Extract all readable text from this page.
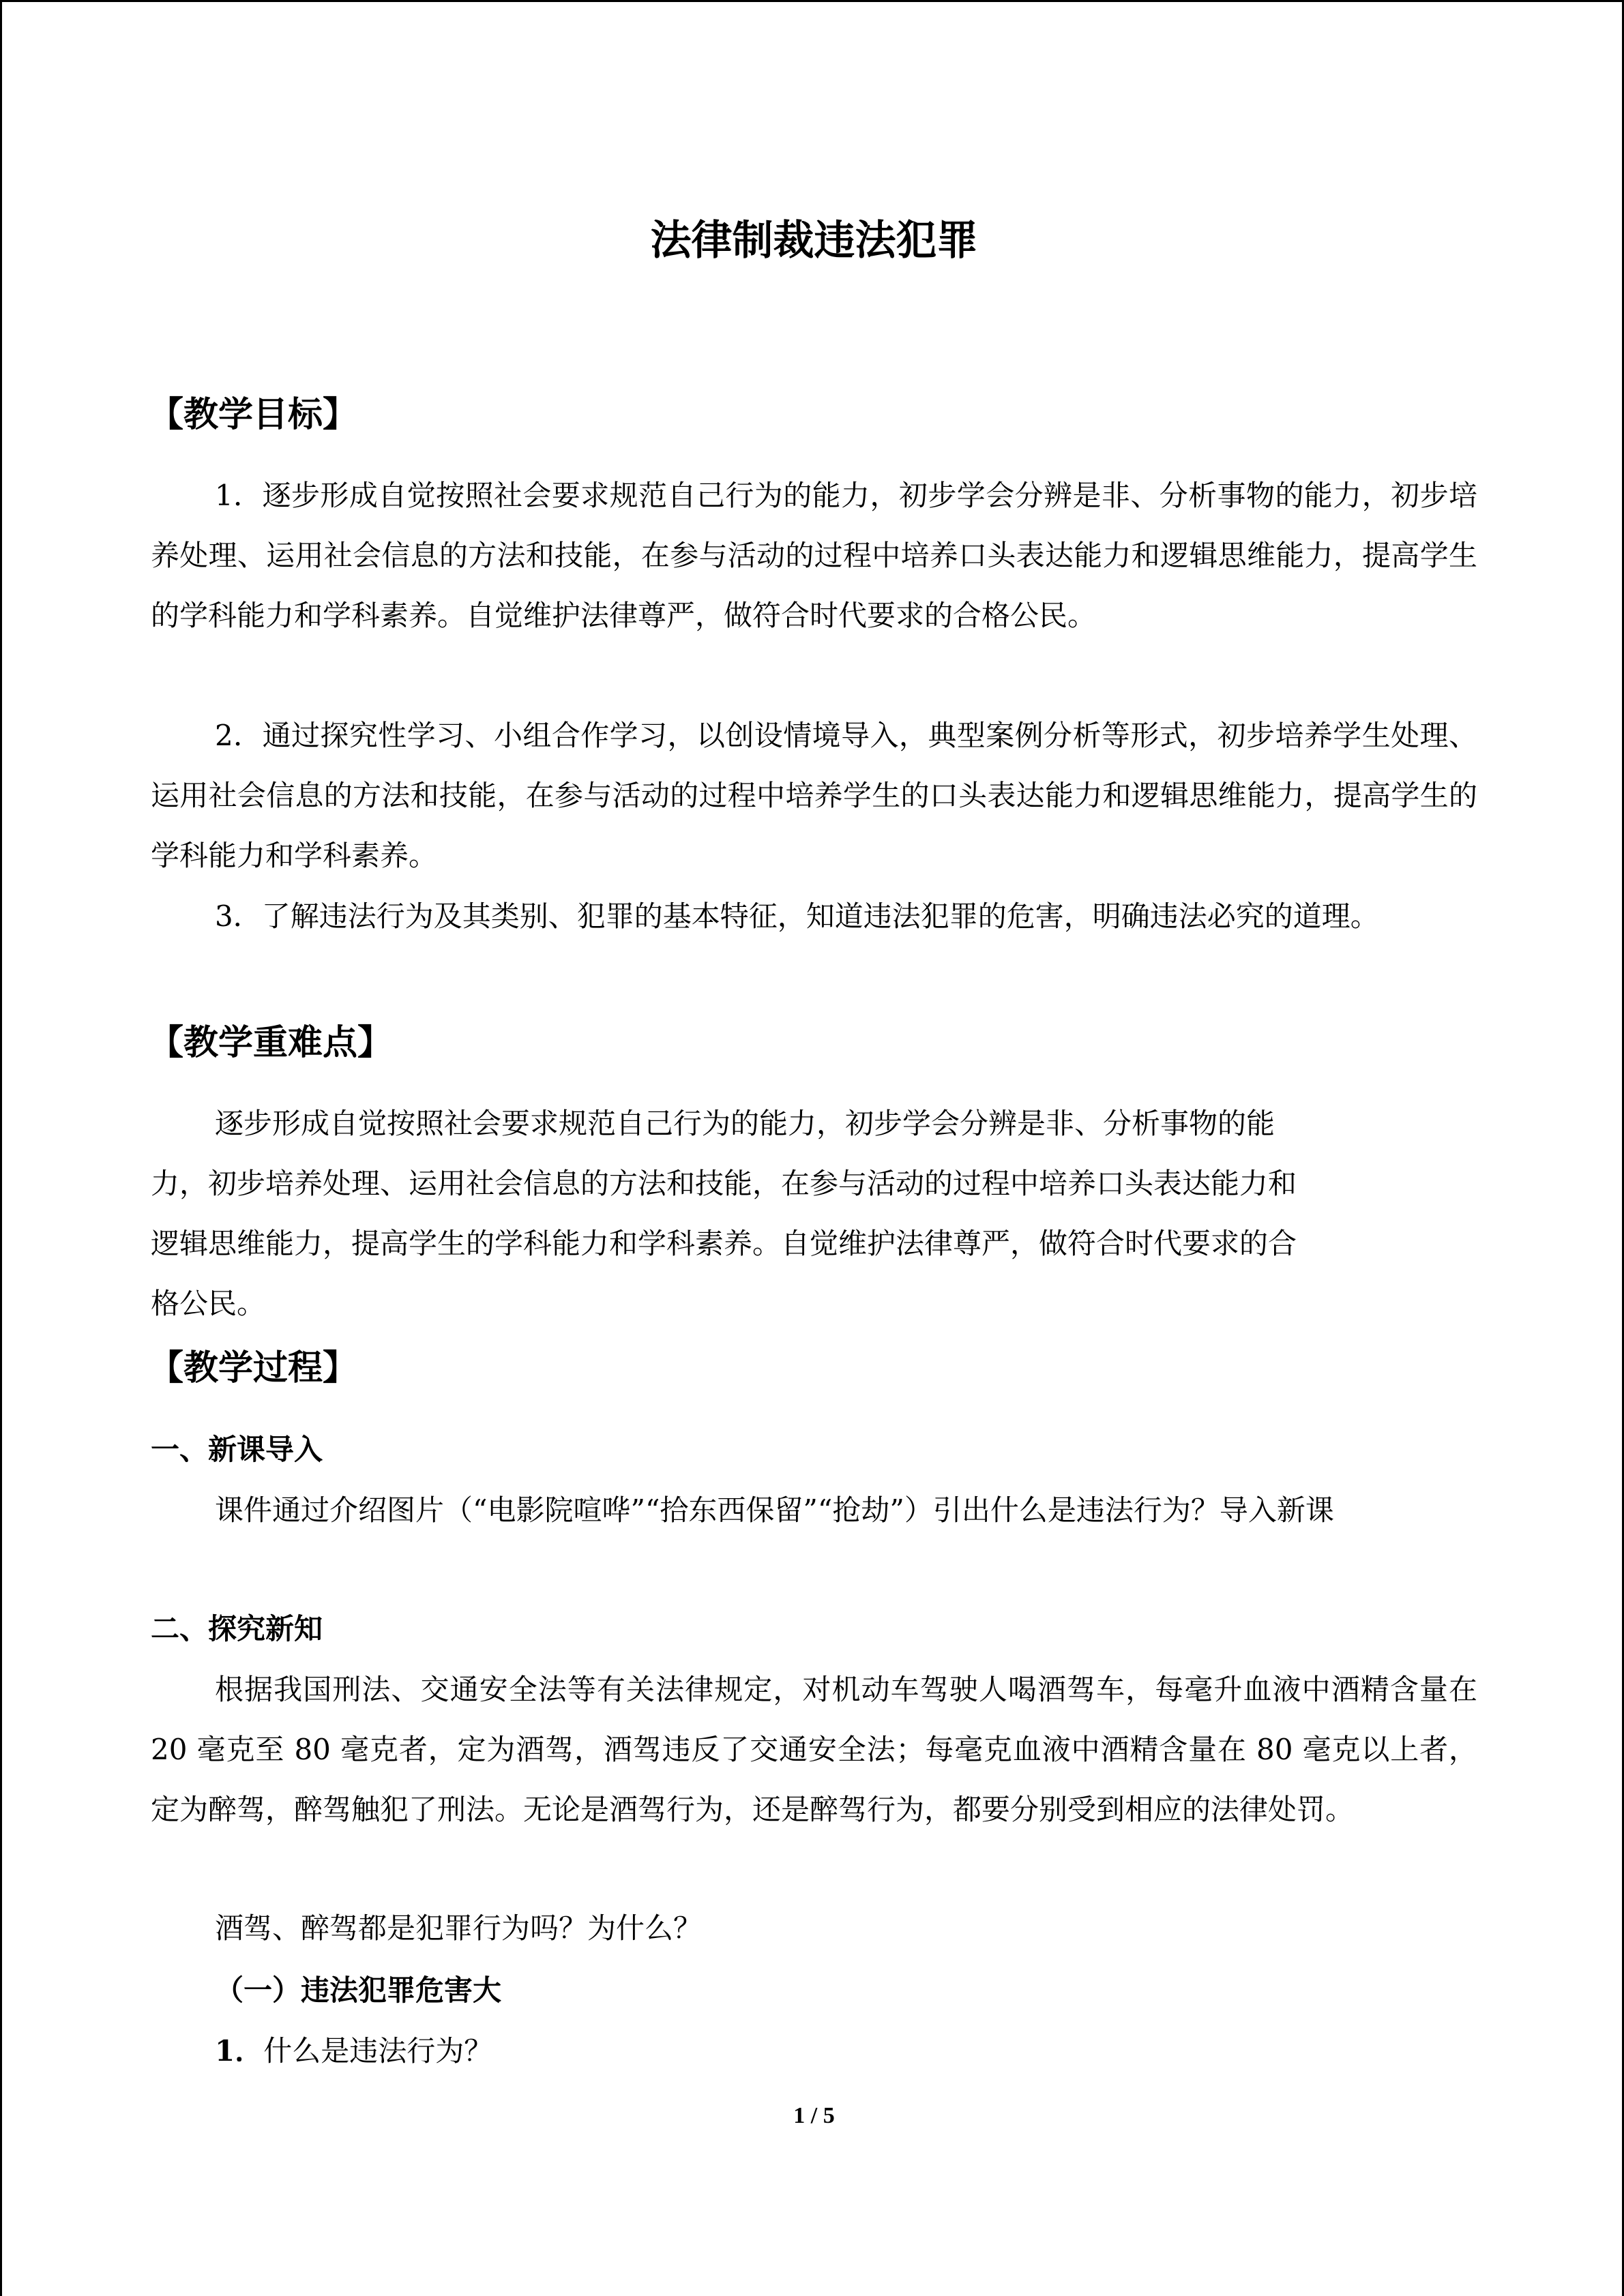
法律制裁违法犯罪
【教学目标】

1．逐步形成自觉按照社会要求规范自己行为的能力，初步学会分辨是非、分析事物的能力，初步培养处理、运用社会信息的方法和技能，在参与活动的过程中培养口头表达能力和逻辑思维能力，提高学生的学科能力和学科素养。自觉维护法律尊严，做符合时代要求的合格公民。

2．通过探究性学习、小组合作学习，以创设情境导入，典型案例分析等形式，初步培养学生处理、运用社会信息的方法和技能，在参与活动的过程中培养学生的口头表达能力和逻辑思维能力，提高学生的学科能力和学科素养。

3．了解违法行为及其类别、犯罪的基本特征，知道违法犯罪的危害，明确违法必究的道理。

【教学重难点】

逐步形成自觉按照社会要求规范自己行为的能力，初步学会分辨是非、分析事物的能
力，初步培养处理、运用社会信息的方法和技能，在参与活动的过程中培养口头表达能力和
逻辑思维能力，提高学生的学科能力和学科素养。自觉维护法律尊严，做符合时代要求的合
格公民。

【教学过程】
一、新课导入

课件通过介绍图片（“电影院喧哗”“拾东西保留”“抢劫”）引出什么是违法行为？导入新课

二、探究新知

根据我国刑法、交通安全法等有关法律规定，对机动车驾驶人喝酒驾车，每毫升血液中酒精含量在 20 毫克至 80 毫克者，定为酒驾，酒驾违反了交通安全法；每毫克血液中酒精含量在 80 毫克以上者，定为醉驾，醉驾触犯了刑法。无论是酒驾行为，还是醉驾行为，都要分别受到相应的法律处罚。

酒驾、醉驾都是犯罪行为吗？为什么？

（一）违法犯罪危害大

1．什么是违法行为？

1 / 5
